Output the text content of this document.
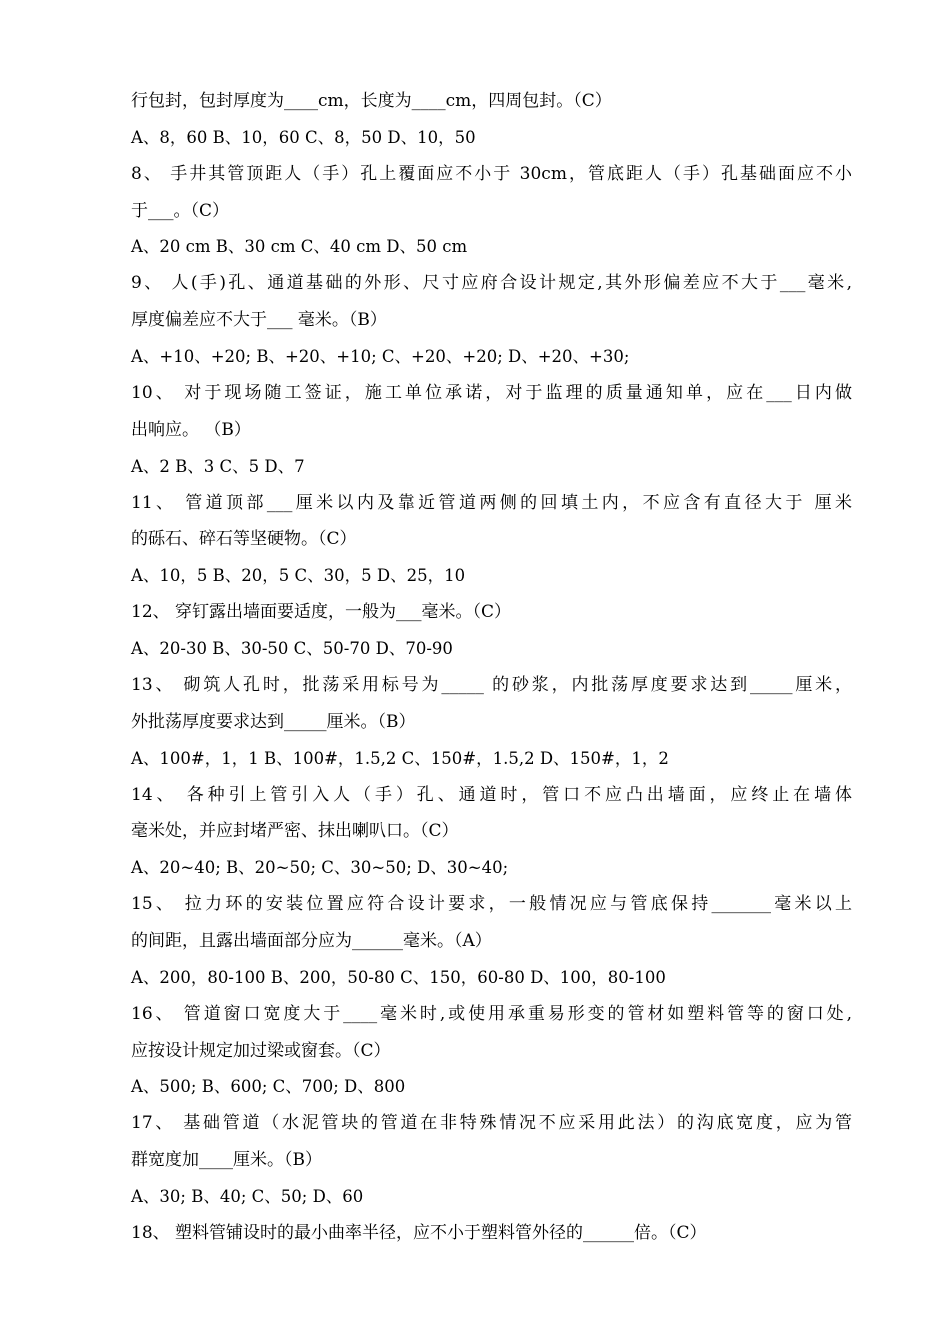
行包封，包封厚度为____cm，长度为____cm，四周包封。（C）
A、8，60 B、10，60 C、8，50 D、10，50
8、 手井其管顶距人（手）孔上覆面应不小于 30cm，管底距人（手）孔基础面应不小
于___。（C）
A、20 cm B、30 cm C、40 cm D、50 cm
9、 人(手)孔、通道基础的外形、尺寸应府合设计规定,其外形偏差应不大于___毫米,
厚度偏差应不大于___ 毫米。（B）
A、+10、+20; B、+20、+10; C、+20、+20; D、+20、+30;
10、 对于现场随工签证，施工单位承诺，对于监理的质量通知单，应在___日内做
出响应。 （B）
A、2 B、3 C、5 D、7
11、 管道顶部___厘米以内及靠近管道两侧的回填土内，不应含有直径大于 厘米
的砾石、碎石等坚硬物。（C）
A、10，5 B、20，5 C、30，5 D、25，10
12、 穿钉露出墙面要适度，一般为___毫米。（C）
A、20-30 B、30-50 C、50-70 D、70-90
13、 砌筑人孔时，批荡采用标号为_____ 的砂浆，内批荡厚度要求达到_____厘米，
外批荡厚度要求达到_____厘米。（B）
A、100#，1，1 B、100#，1.5,2 C、150#，1.5,2 D、150#，1，2
14、 各种引上管引入人（手）孔、通道时，管口不应凸出墙面，应终止在墙体
毫米处，并应封堵严密、抹出喇叭口。（C）
A、20~40; B、20~50; C、30~50; D、30~40;
15、 拉力环的安装位置应符合设计要求，一般情况应与管底保持_______毫米以上
的间距，且露出墙面部分应为______毫米。（A）
A、200，80-100 B、200，50-80 C、150，60-80 D、100，80-100
16、 管道窗口宽度大于____毫米时,或使用承重易形变的管材如塑料管等的窗口处,
应按设计规定加过梁或窗套。（C）
A、500; B、600; C、700; D、800
17、 基础管道（水泥管块的管道在非特殊情况不应采用此法）的沟底宽度，应为管
群宽度加____厘米。（B）
A、30; B、40; C、50; D、60
18、 塑料管铺设时的最小曲率半径，应不小于塑料管外径的______倍。（C）
